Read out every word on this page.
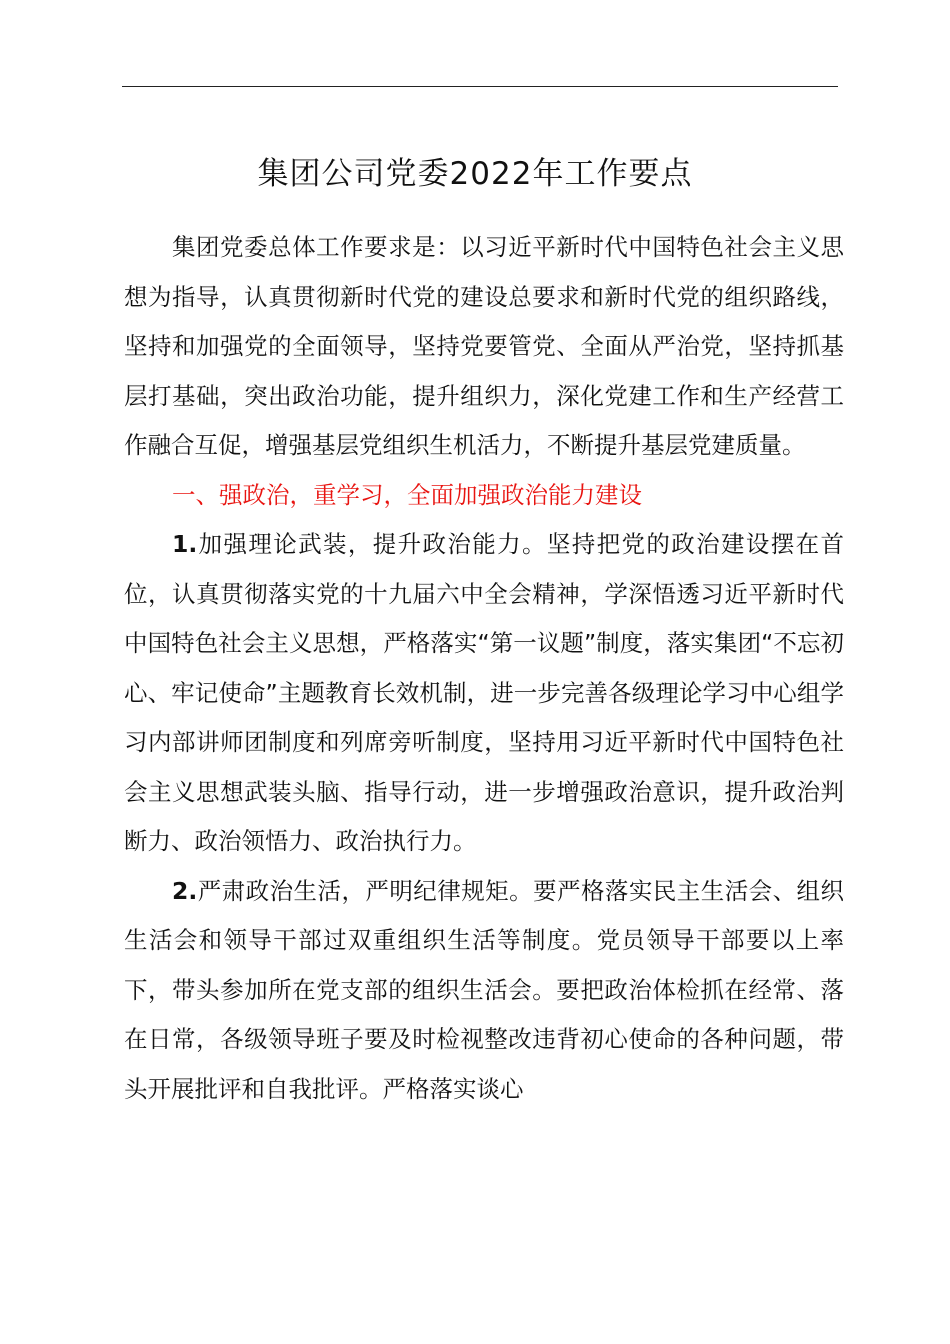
集团公司党委2022年工作要点

集团党委总体工作要求是：以习近平新时代中国特色社会主义思想为指导，认真贯彻新时代党的建设总要求和新时代党的组织路线，坚持和加强党的全面领导，坚持党要管党、全面从严治党，坚持抓基层打基础，突出政治功能，提升组织力，深化党建工作和生产经营工作融合互促，增强基层党组织生机活力，不断提升基层党建质量。

一、强政治，重学习，全面加强政治能力建设

1.加强理论武装，提升政治能力。坚持把党的政治建设摆在首位，认真贯彻落实党的十九届六中全会精神，学深悟透习近平新时代中国特色社会主义思想，严格落实“第一议题”制度，落实集团“不忘初心、牢记使命”主题教育长效机制，进一步完善各级理论学习中心组学习内部讲师团制度和列席旁听制度，坚持用习近平新时代中国特色社会主义思想武装头脑、指导行动，进一步增强政治意识，提升政治判断力、政治领悟力、政治执行力。

2.严肃政治生活，严明纪律规矩。要严格落实民主生活会、组织生活会和领导干部过双重组织生活等制度。党员领导干部要以上率下，带头参加所在党支部的组织生活会。要把政治体检抓在经常、落在日常，各级领导班子要及时检视整改违背初心使命的各种问题，带头开展批评和自我批评。严格落实谈心
